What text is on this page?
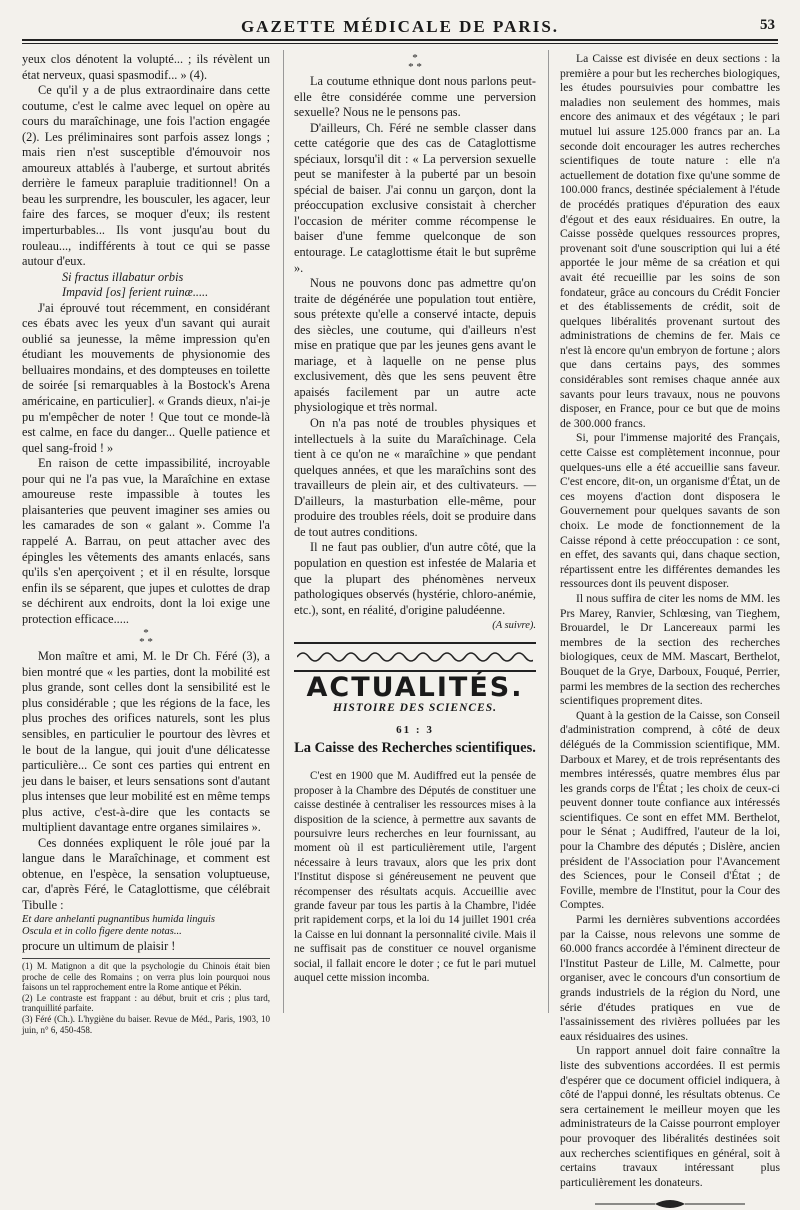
GAZETTE MÉDICALE DE PARIS.	53

yeux clos dénotent la volupté... ; ils révèlent un état nerveux, quasi spasmodif... » (4).

Ce qu'il y a de plus extraordinaire dans cette coutume, c'est le calme avec lequel on opère au cours du maraîchinage, une fois l'action engagée (2). Les préliminaires sont parfois assez longs ; mais rien n'est susceptible d'émouvoir nos amoureux attablés à l'auberge, et surtout abrités derrière le fameux parapluie traditionnel! On a beau les surprendre, les bousculer, les agacer, leur faire des farces, se moquer d'eux; ils restent imperturbables... Ils vont jusqu'au bout du rouleau..., indifférents à tout ce qui se passe autour d'eux.

Si fractus illabatur orbis

Impavid [os] ferient ruinæ.....

J'ai éprouvé tout récemment, en considérant ces ébats avec les yeux d'un savant qui aurait oublié sa jeunesse, la même impression qu'en étudiant les mouvements de physionomie des belluaires mondains, et des dompteuses en toilette de soirée [si remarquables à la Bostock's Arena américaine, en particulier]. « Grands dieux, n'ai-je pu m'empêcher de noter ! Que tout ce monde-là est calme, en face du danger... Quelle patience et quel sang-froid ! »

En raison de cette impassibilité, incroyable pour qui ne l'a pas vue, la Maraîchine en extase amoureuse reste impassible à toutes les plaisanteries que peuvent imaginer ses amies ou les camarades de son « galant ». Comme l'a rappelé A. Barrau, on peut attacher avec des épingles les vêtements des amants enlacés, sans qu'ils s'en aperçoivent ; et il en résulte, lorsque enfin ils se séparent, que jupes et culottes de drap se déchirent aux endroits, dont la loi exige une protection efficace.....

*
* *

Mon maître et ami, M. le Dr Ch. Féré (3), a bien montré que « les parties, dont la mobilité est plus grande, sont celles dont la sensibilité est le plus considérable ; que les régions de la face, les plus proches des orifices naturels, sont les plus sensibles, en particulier le pourtour des lèvres et le bout de la langue, qui jouit d'une délicatesse particulière... Ce sont ces parties qui entrent en jeu dans le baiser, et leurs sensations sont d'autant plus intenses que leur mobilité est en même temps plus active, c'est-à-dire que les contacts se multiplient davantage entre organes similaires ».

Ces données expliquent le rôle joué par la langue dans le Maraîchinage, et comment est obtenue, en l'espèce, la sensation voluptueuse, car, d'après Féré, le Cataglottisme, que célébrait Tibulle :

Et dare anhelanti pugnantibus humida linguis

Oscula et in collo figere dente notas...

procure un ultimum de plaisir !

(1) M. Matignon a dit que la psychologie du Chinois était bien proche de celle des Romains ; on verra plus loin pourquoi nous faisons un tel rapprochement entre la Rome antique et Pékin.

(2) Le contraste est frappant : au début, bruit et cris ; plus tard, tranquillité parfaite.

(3) Féré (Ch.). L'hygiène du baiser. Revue de Méd., Paris, 1903, 10 juin, n° 6, 450-458.

*
* *

La coutume ethnique dont nous parlons peut-elle être considérée comme une perversion sexuelle? Nous ne le pensons pas.

D'ailleurs, Ch. Féré ne semble classer dans cette catégorie que des cas de Cataglottisme spéciaux, lorsqu'il dit : « La perversion sexuelle peut se manifester à la puberté par un besoin spécial de baiser. J'ai connu un garçon, dont la préoccupation exclusive consistait à chercher l'occasion de mériter comme récompense le baiser d'une femme quelconque de son entourage. Le cataglottisme était le but suprême ».

Nous ne pouvons donc pas admettre qu'on traite de dégénérée une population tout entière, sous prétexte qu'elle a conservé intacte, depuis des siècles, une coutume, qui d'ailleurs n'est mise en pratique que par les jeunes gens avant le mariage, et à laquelle on ne pense plus exclusivement, dès que les sens peuvent être apaisés facilement par un autre acte physiologique et très normal.

On n'a pas noté de troubles physiques et intellectuels à la suite du Maraîchinage. Cela tient à ce qu'on ne « maraîchine » que pendant quelques années, et que les maraîchins sont des travailleurs de plein air, et des cultivateurs. — D'ailleurs, la masturbation elle-même, pour produire des troubles réels, doit se produire dans de tout autres conditions.

Il ne faut pas oublier, d'un autre côté, que la population en question est infestée de Malaria et que la plupart des phénomènes nerveux pathologiques observés (hystérie, chloro-anémie, etc.), sont, en réalité, d'origine paludéenne.

(A suivre).

ACTUALITÉS.

HISTOIRE DES SCIENCES.

61 : 3

La Caisse des Recherches scientifiques.

C'est en 1900 que M. Audiffred eut la pensée de proposer à la Chambre des Députés de constituer une caisse destinée à centraliser les ressources mises à la disposition de la science, à permettre aux savants de poursuivre leurs recherches en leur fournissant, au moment où il est particulièrement utile, l'argent nécessaire à leurs travaux, alors que les prix dont l'Institut dispose si généreusement ne peuvent que récompenser des résultats acquis. Accueillie avec grande faveur par tous les partis à la Chambre, l'idée prit rapidement corps, et la loi du 14 juillet 1901 créa la Caisse en lui donnant la personnalité civile. Mais il ne suffisait pas de constituer ce nouvel organisme social, il fallait encore le doter ; ce fut le pari mutuel auquel cette mission incomba.

La Caisse est divisée en deux sections : la première a pour but les recherches biologiques, les études poursuivies pour combattre les maladies non seulement des hommes, mais encore des animaux et des végétaux ; le pari mutuel lui assure 125.000 francs par an. La seconde doit encourager les autres recherches scientifiques de toute nature : elle n'a actuellement de dotation fixe qu'une somme de 100.000 francs, destinée spécialement à l'étude de procédés pratiques d'épuration des eaux d'égout et des eaux résiduaires. En outre, la Caisse possède quelques ressources propres, provenant soit d'une souscription qui lui a été apportée le jour même de sa création et qui avait été recueillie par les soins de son fondateur, grâce au concours du Crédit Foncier et des établissements de crédit, soit de quelques libéralités provenant surtout des administrations de chemins de fer. Mais ce n'est là encore qu'un embryon de fortune ; alors que dans certains pays, des sommes considérables sont remises chaque année aux savants pour leurs travaux, nous ne pouvons disposer, en France, pour ce but que de moins de 300.000 francs.

Si, pour l'immense majorité des Français, cette Caisse est complètement inconnue, pour quelques-uns elle a été accueillie sans faveur. C'est encore, dit-on, un organisme d'État, un de ces moyens d'action dont disposera le Gouvernement pour quelques savants de son choix. Le mode de fonctionnement de la Caisse répond à cette préoccupation : ce sont, en effet, des savants qui, dans chaque section, répartissent entre les différentes demandes les ressources dont ils peuvent disposer.

Il nous suffira de citer les noms de MM. les Prs Marey, Ranvier, Schlœsing, van Tieghem, Brouardel, le Dr Lancereaux parmi les membres de la section des recherches biologiques, ceux de MM. Mascart, Berthelot, Bouquet de la Grye, Darboux, Fouqué, Perrier, parmi les membres de la section des recherches scientifiques proprement dites.

Quant à la gestion de la Caisse, son Conseil d'administration comprend, à côté de deux délégués de la Commission scientifique, MM. Darboux et Marey, et de trois représentants des membres intéressés, quatre membres élus par les grands corps de l'État ; les choix de ceux-ci peuvent donner toute confiance aux intéressés scientifiques. Ce sont en effet MM. Berthelot, pour le Sénat ; Audiffred, l'auteur de la loi, pour la Chambre des députés ; Dislère, ancien président de l'Association pour l'Avancement des Sciences, pour le Conseil d'État ; de Foville, membre de l'Institut, pour la Cour des Comptes.

Parmi les dernières subventions accordées par la Caisse, nous relevons une somme de 60.000 francs accordée à l'éminent directeur de l'Institut Pasteur de Lille, M. Calmette, pour organiser, avec le concours d'un consortium de grands industriels de la région du Nord, une série d'études pratiques en vue de l'assainissement des rivières polluées par les eaux résiduaires des usines.

Un rapport annuel doit faire connaître la liste des subventions accordées. Il est permis d'espérer que ce document officiel indiquera, à côté de l'appui donné, les résultats obtenus. Ce sera certainement le meilleur moyen que les administrateurs de la Caisse pourront employer pour provoquer des libéralités destinées soit aux recherches scientifiques en général, soit à certains travaux intéressant plus particulièrement les donateurs.
